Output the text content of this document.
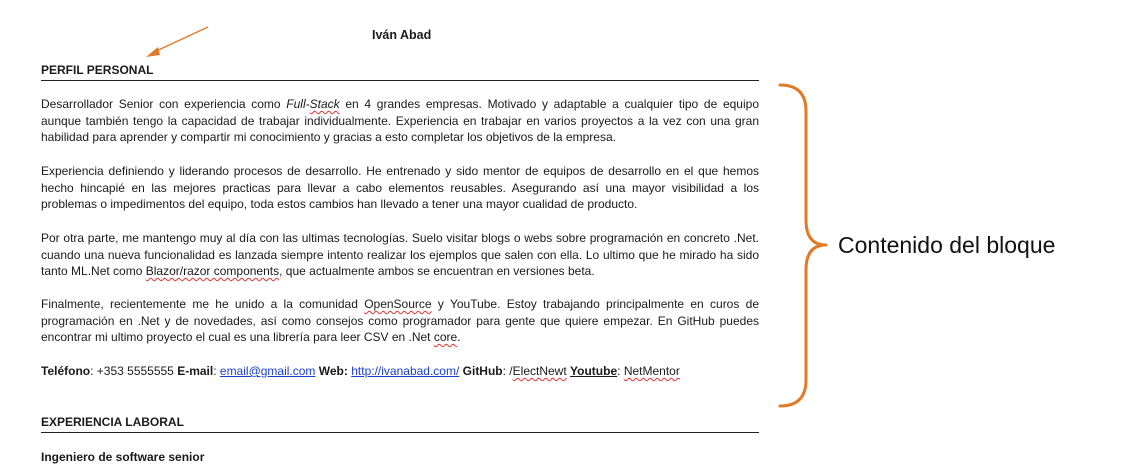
Iván Abad
PERFIL PERSONAL

Desarrollador Senior con experiencia como Full-Stack en 4 grandes empresas. Motivado y adaptable a cualquier tipo de equipo aunque también tengo la capacidad de trabajar individualmente. Experiencia en trabajar en varios proyectos a la vez con una gran habilidad para aprender y compartir mi conocimiento y gracias a esto completar los objetivos de la empresa.

Experiencia definiendo y liderando procesos de desarrollo. He entrenado y sido mentor de equipos de desarrollo en el que hemos hecho hincapié en las mejores practicas para llevar a cabo elementos reusables. Asegurando así una mayor visibilidad a los problemas o impedimentos del equipo, toda estos cambios han llevado a tener una mayor cualidad de producto.

Por otra parte, me mantengo muy al día con las ultimas tecnologías. Suelo visitar blogs o webs sobre programación en concreto .Net. cuando una nueva funcionalidad es lanzada siempre intento realizar los ejemplos que salen con ella. Lo ultimo que he mirado ha sido tanto ML.Net como Blazor/razor components, que actualmente ambos se encuentran en versiones beta.

Finalmente, recientemente me he unido a la comunidad OpenSource y YouTube. Estoy trabajando principalmente en curos de programación en .Net y de novedades, así como consejos como programador para gente que quiere empezar. En GitHub puedes encontrar mi ultimo proyecto el cual es una librería para leer CSV en .Net core.

Teléfono: +353 5555555 E-mail: email@gmail.com Web: http://ivanabad.com/ GitHub: /ElectNewt Youtube: NetMentor
EXPERIENCIA LABORAL
Ingeniero de software senior
Contenido del bloque
